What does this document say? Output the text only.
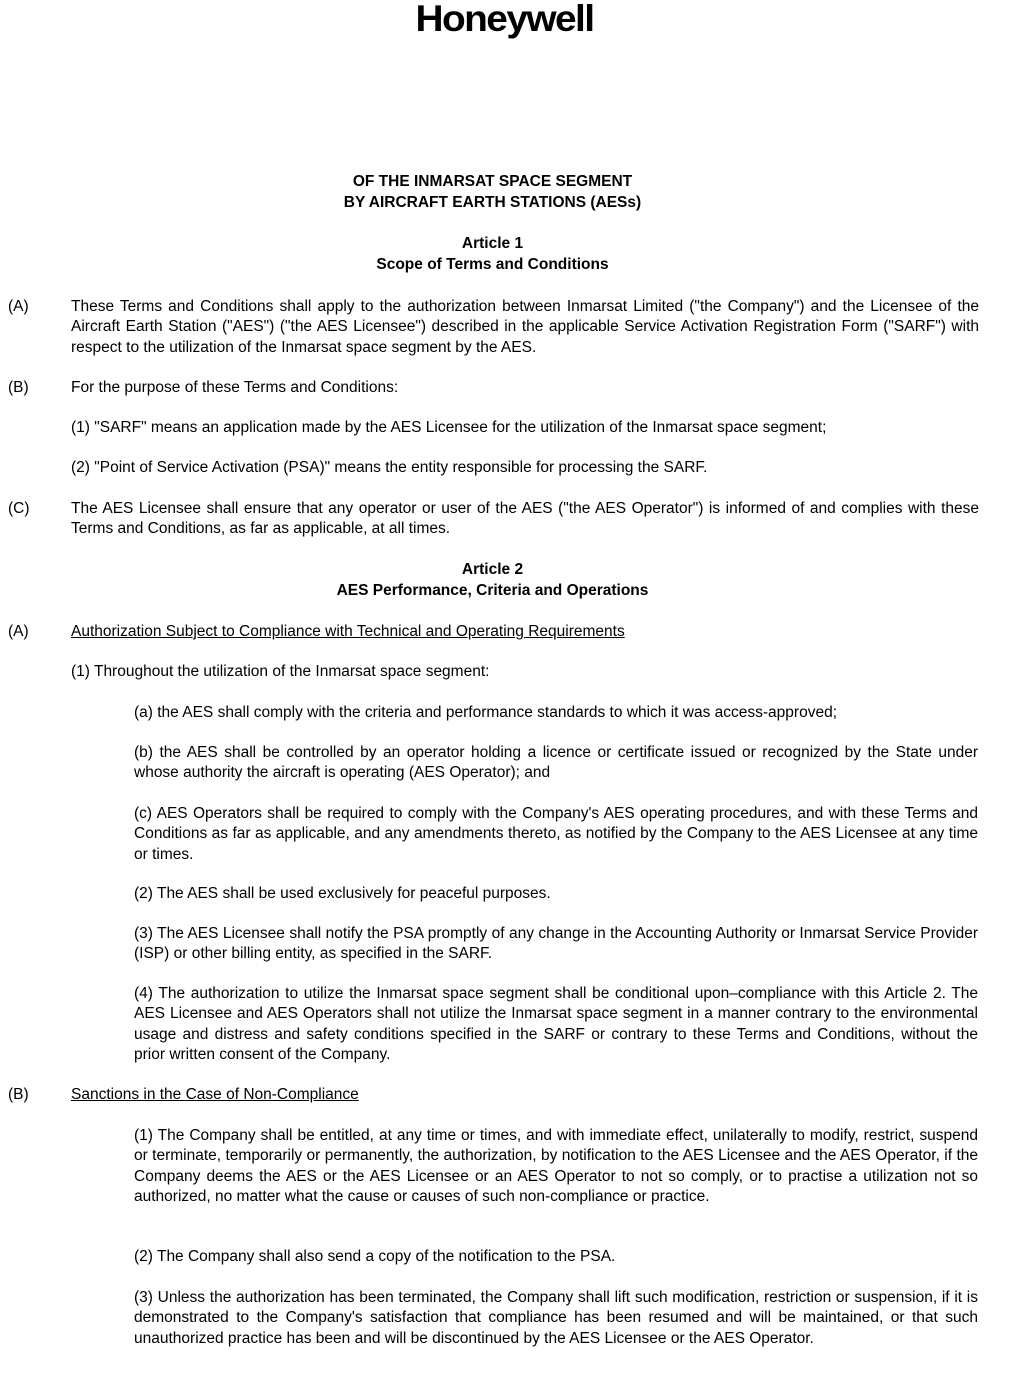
Honeywell
OF THE INMARSAT SPACE SEGMENT
BY AIRCRAFT EARTH STATIONS (AESs)
Article 1
Scope of Terms and Conditions
(A)	These Terms and Conditions shall apply to the authorization between Inmarsat Limited ("the Company") and the Licensee of the Aircraft Earth Station ("AES") ("the AES Licensee") described in the applicable Service Activation Registration Form ("SARF") with respect to the utilization of the Inmarsat space segment by the AES.

(B)	For the purpose of these Terms and Conditions:

(1) "SARF" means an application made by the AES Licensee for the utilization of the Inmarsat space segment;

(2) "Point of Service Activation (PSA)" means the entity responsible for processing the SARF.

(C)	The AES Licensee shall ensure that any operator or user of the AES ("the AES Operator") is informed of and complies with these Terms and Conditions, as far as applicable, at all times.

Article 2
AES Performance, Criteria and Operations
(A)	Authorization Subject to Compliance with Technical and Operating Requirements

(1) Throughout the utilization of the Inmarsat space segment:

(a) the AES shall comply with the criteria and performance standards to which it was access-approved;

(b) the AES shall be controlled by an operator holding a licence or certificate issued or recognized by the State under whose authority the aircraft is operating (AES Operator); and

(c) AES Operators shall be required to comply with the Company's AES operating procedures, and with these Terms and Conditions as far as applicable, and any amendments thereto, as notified by the Company to the AES Licensee at any time or times.

(2) The AES shall be used exclusively for peaceful purposes.

(3) The AES Licensee shall notify the PSA promptly of any change in the Accounting Authority or Inmarsat Service Provider (ISP) or other billing entity, as specified in the SARF.

(4) The authorization to utilize the Inmarsat space segment shall be conditional upon–compliance with this Article 2. The AES Licensee and AES Operators shall not utilize the Inmarsat space segment in a manner contrary to the environmental usage and distress and safety conditions specified in the SARF or contrary to these Terms and Conditions, without the prior written consent of the Company.

(B)	Sanctions in the Case of Non-Compliance

(1) The Company shall be entitled, at any time or times, and with immediate effect, unilaterally to modify, restrict, suspend or terminate, temporarily or permanently, the authorization, by notification to the AES Licensee and the AES Operator, if the Company deems the AES or the AES Licensee or an AES Operator to not so comply, or to practise a utilization not so authorized, no matter what the cause or causes of such non-compliance or practice.

(2) The Company shall also send a copy of the notification to the PSA.

(3) Unless the authorization has been terminated, the Company shall lift such modification, restriction or suspension, if it is demonstrated to the Company's satisfaction that compliance has been resumed and will be maintained, or that such unauthorized practice has been and will be discontinued by the AES Licensee or the AES Operator.
